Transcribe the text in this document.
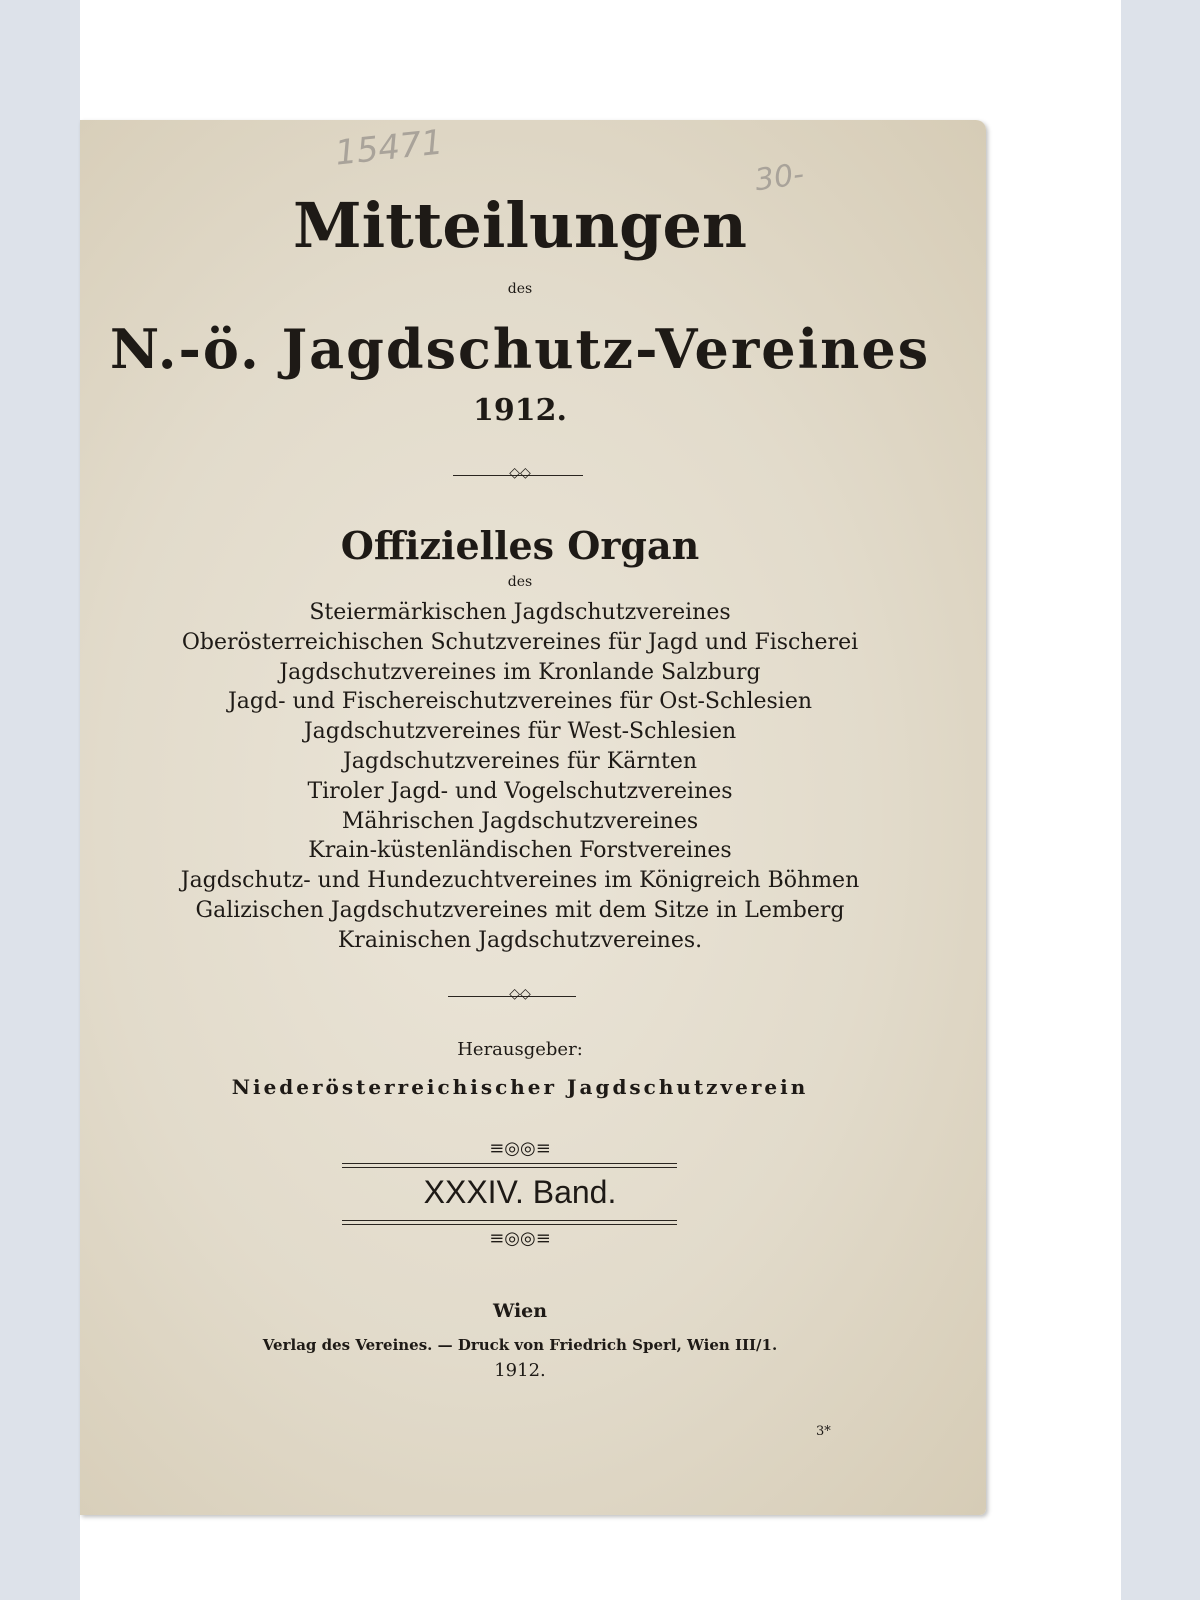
15471
30-
Mitteilungen
des
N.-ö. Jagdschutz-Vereines
1912.
◇◇
Offizielles Organ
des
Steiermärkischen Jagdschutzvereines
Oberösterreichischen Schutzvereines für Jagd und Fischerei
Jagdschutzvereines im Kronlande Salzburg
Jagd- und Fischereischutzvereines für Ost-Schlesien
Jagdschutzvereines für West-Schlesien
Jagdschutzvereines für Kärnten
Tiroler Jagd- und Vogelschutzvereines
Mährischen Jagdschutzvereines
Krain-küstenländischen Forstvereines
Jagdschutz- und Hundezuchtvereines im Königreich Böhmen
Galizischen Jagdschutzvereines mit dem Sitze in Lemberg
Krainischen Jagdschutzvereines.
◇◇
Herausgeber:
Niederösterreichischer Jagdschutzverein
≡◎◎≡
XXXIV. Band.
≡◎◎≡
Wien
Verlag des Vereines. — Druck von Friedrich Sperl, Wien III/1.
1912.
3*
